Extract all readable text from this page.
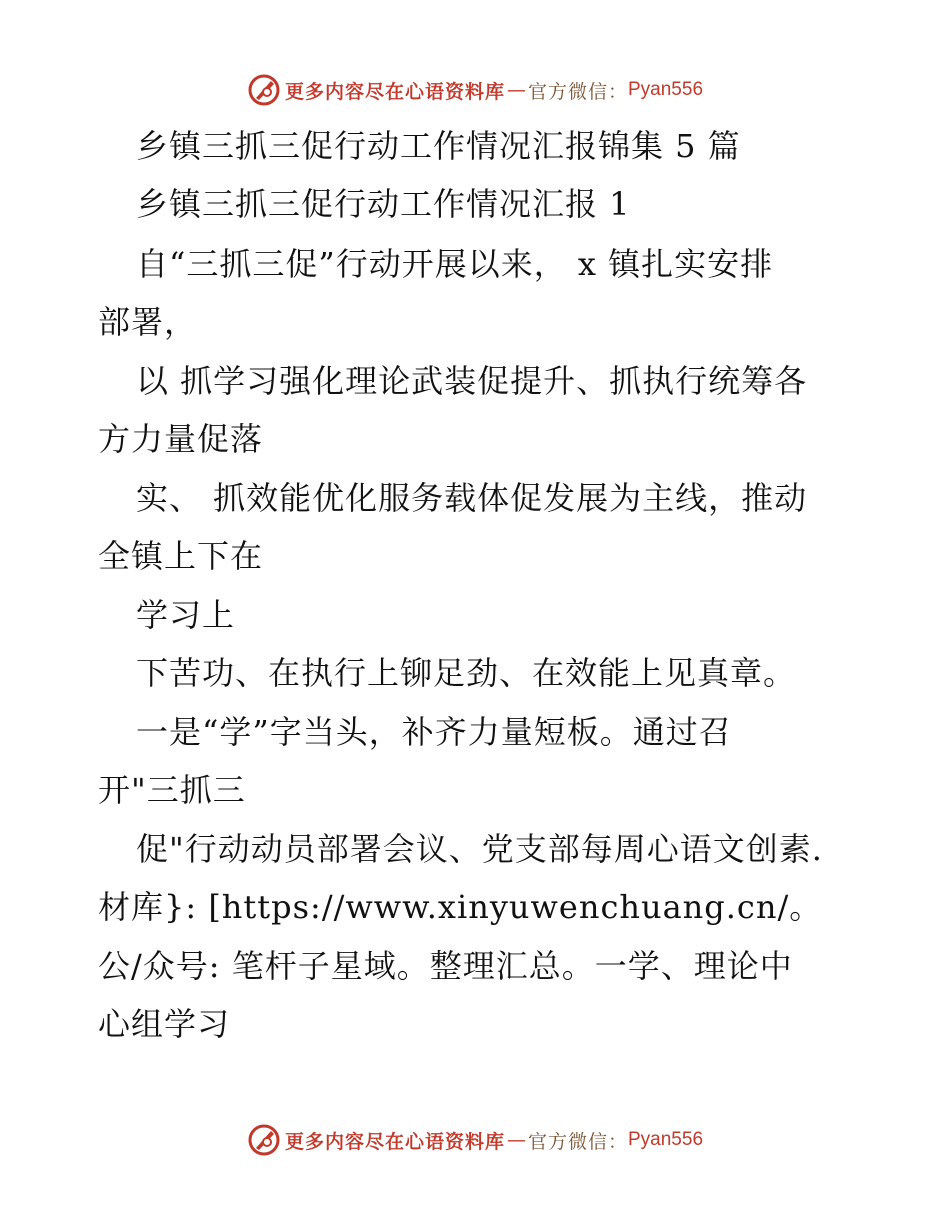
更多内容尽在心语资料库 — 官方微信： Pyan556
乡镇三抓三促行动工作情况汇报锦集 5 篇
乡镇三抓三促行动工作情况汇报 1
自“三抓三促”行动开展以来， x 镇扎实安排
部署，
以 抓学习强化理论武装促提升、抓执行统筹各
方力量促落
实、 抓效能优化服务载体促发展为主线，推动
全镇上下在
学习上
下苦功、在执行上铆足劲、在效能上见真章。
一是“学”字当头，补齐力量短板。通过召
开"三抓三
促"行动动员部署会议、党支部每周心语文创素.
材库}: [https://www.xinyuwenchuang.cn/。
公/众号: 笔杆子星域。整理汇总。一学、理论中
心组学习
更多内容尽在心语资料库 — 官方微信： Pyan556
